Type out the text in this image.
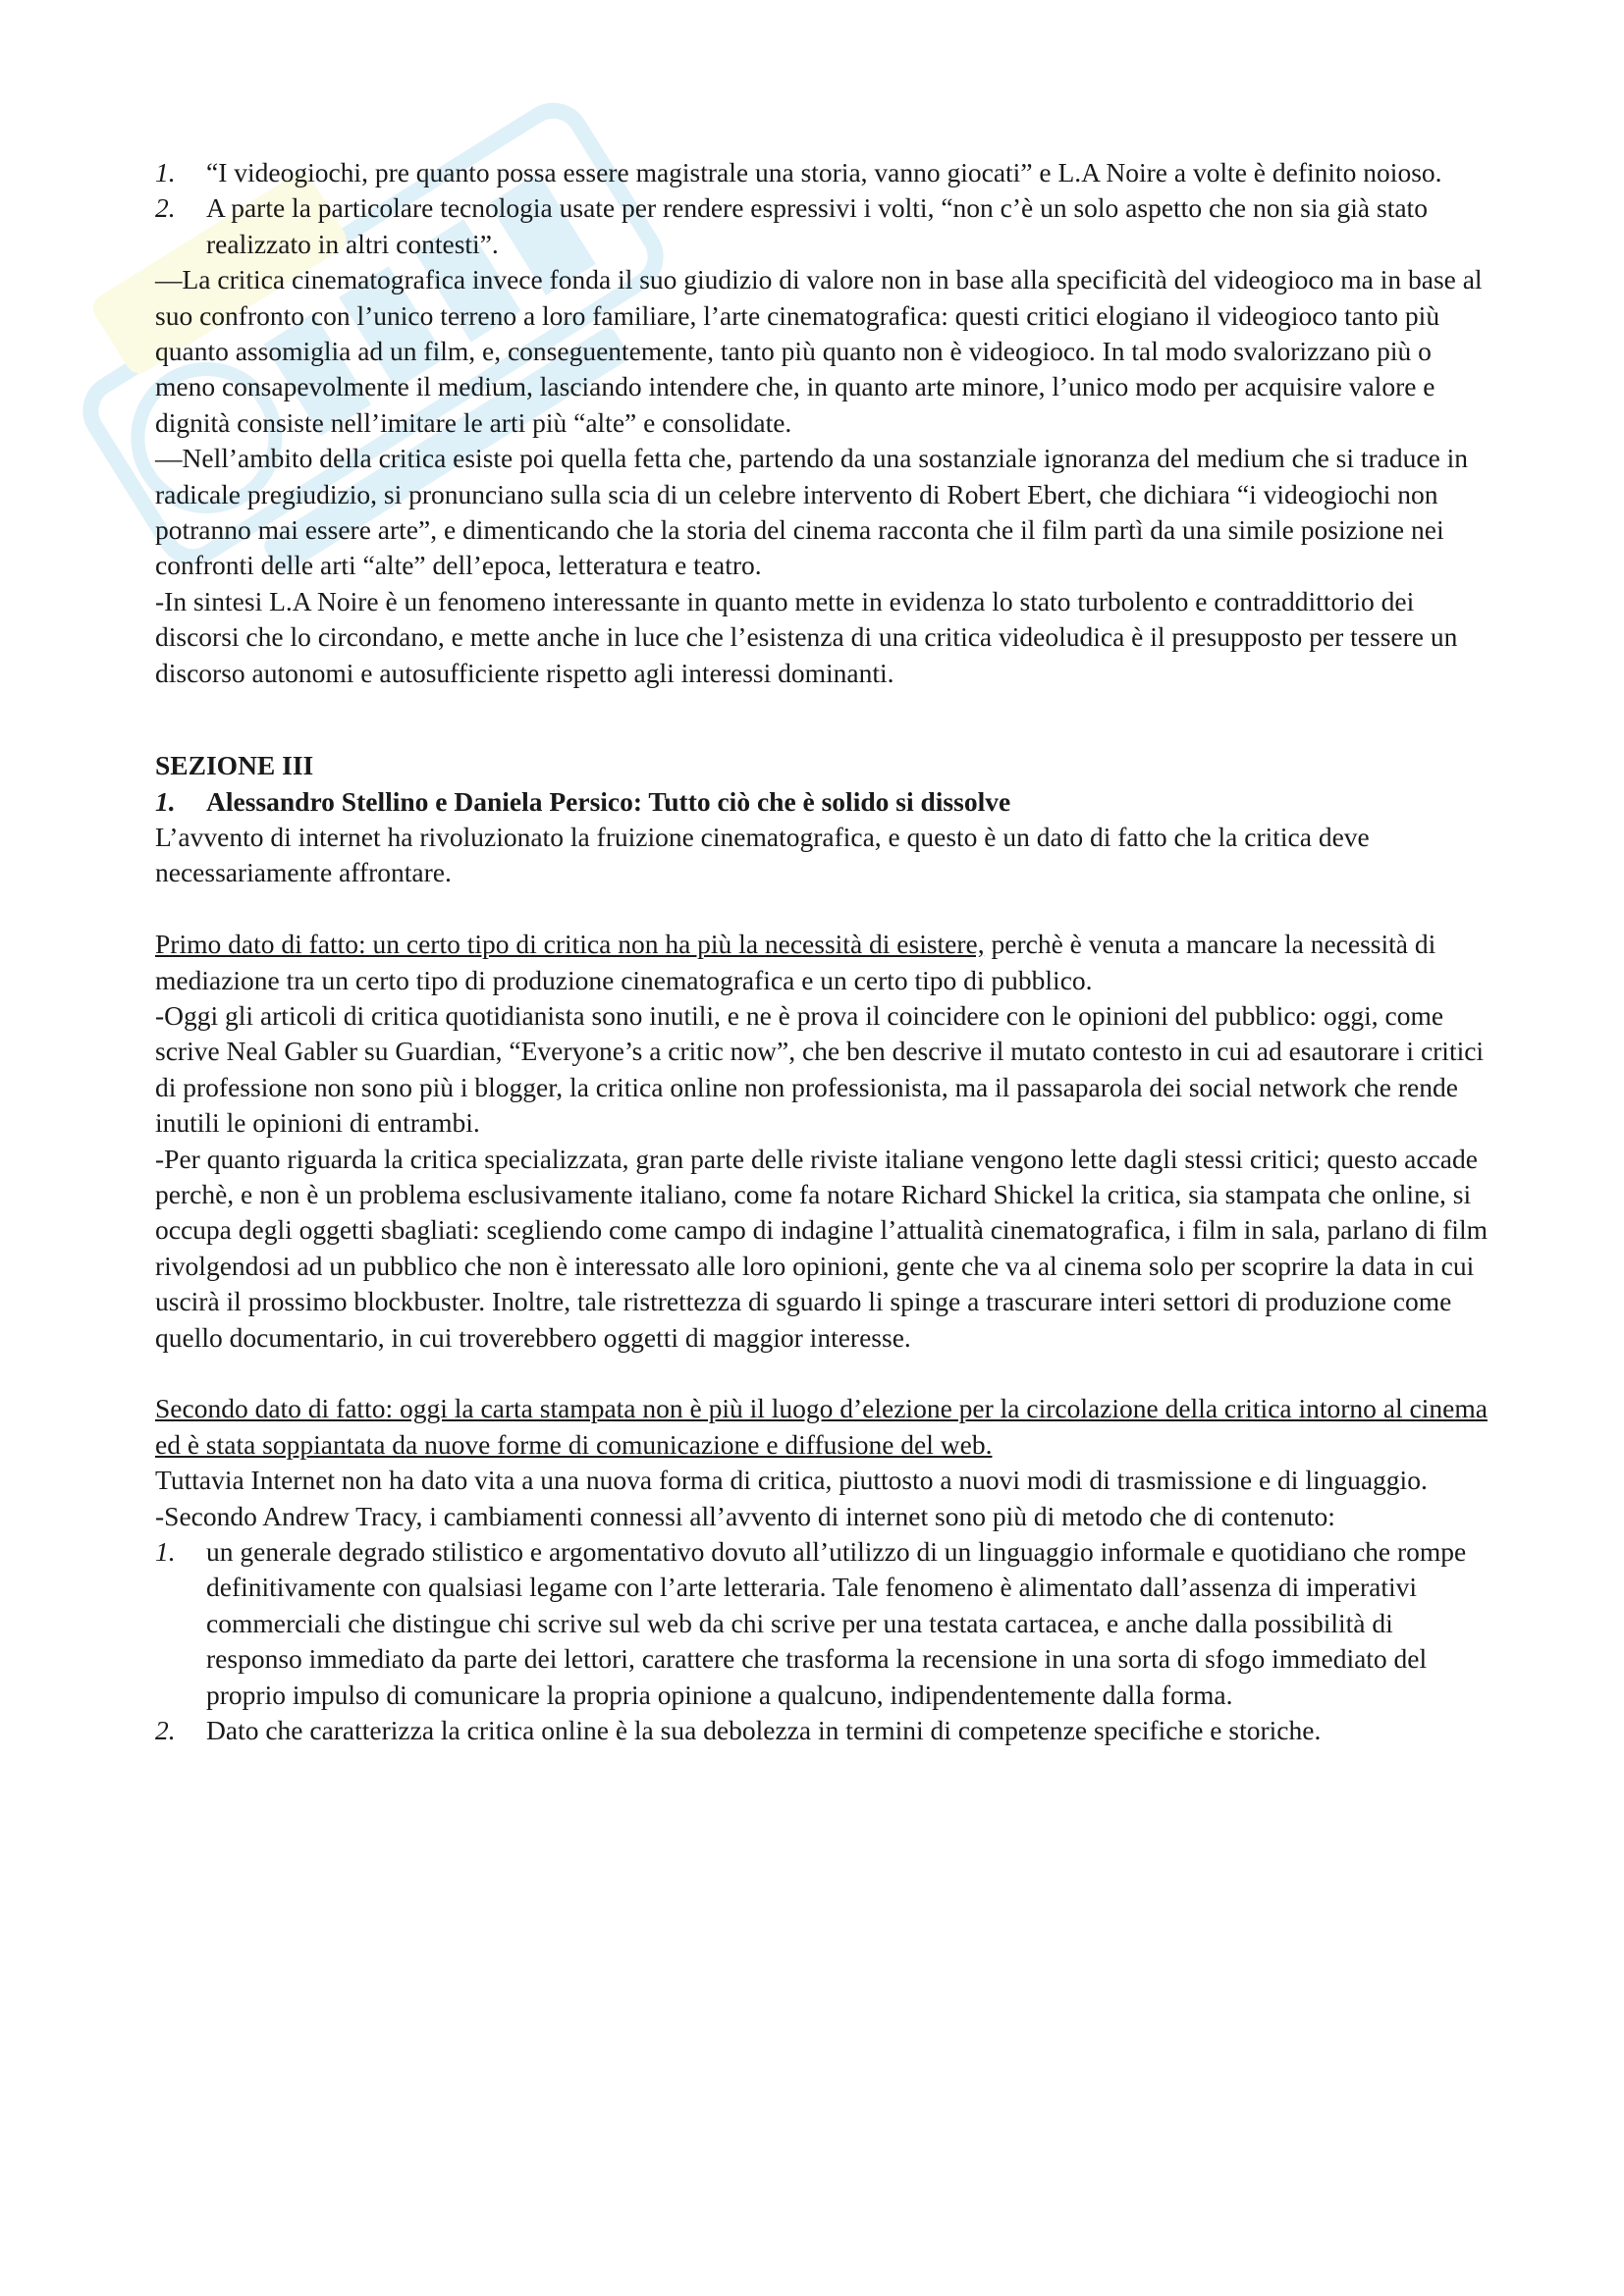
1.	“I videogiochi, pre quanto possa essere magistrale una storia, vanno giocati” e L.A Noire a volte è definito noioso.
2.	A parte la particolare tecnologia usate per rendere espressivi i volti, “non c’è un solo aspetto che non sia già stato realizzato in altri contesti”.

—La critica cinematografica invece fonda il suo giudizio di valore non in base alla specificità del videogioco ma in base al suo confronto con l’unico terreno a loro familiare, l’arte cinematografica: questi critici elogiano il videogioco tanto più quanto assomiglia ad un film, e, conseguentemente, tanto più quanto non è videogioco. In tal modo svalorizzano più o meno consapevolmente il medium, lasciando intendere che, in quanto arte minore, l’unico modo per acquisire valore e dignità consiste nell’imitare le arti più “alte” e consolidate.

—Nell’ambito della critica esiste poi quella fetta che, partendo da una sostanziale ignoranza del medium che si traduce in radicale pregiudizio, si pronunciano sulla scia di un celebre intervento di Robert Ebert, che dichiara “i videogiochi non potranno mai essere arte”, e dimenticando che la storia del cinema racconta che il film partì da una simile posizione nei confronti delle arti “alte” dell’epoca, letteratura e teatro.

-In sintesi L.A Noire è un fenomeno interessante in quanto mette in evidenza lo stato turbolento e contraddittorio dei discorsi che lo circondano, e mette anche in luce che l’esistenza di una critica videoludica è il presupposto per tessere un discorso autonomi e autosufficiente rispetto agli interessi dominanti.

SEZIONE III

1.	Alessandro Stellino e Daniela Persico: Tutto ciò che è solido si dissolve

L’avvento di internet ha rivoluzionato la fruizione cinematografica, e questo è un dato di fatto che la critica deve necessariamente affrontare.

Primo dato di fatto: un certo tipo di critica non ha più la necessità di esistere, perchè è venuta a mancare la necessità di mediazione tra un certo tipo di produzione cinematografica e un certo tipo di pubblico.

-Oggi gli articoli di critica quotidianista sono inutili, e ne è prova il coincidere con le opinioni del pubblico: oggi, come scrive Neal Gabler su Guardian, “Everyone’s a critic now”, che ben descrive il mutato contesto in cui ad esautorare i critici di professione non sono più i blogger, la critica online non professionista, ma il passaparola dei social network che rende inutili le opinioni di entrambi.

-Per quanto riguarda la critica specializzata, gran parte delle riviste italiane vengono lette dagli stessi critici; questo accade perchè, e non è un problema esclusivamente italiano, come fa notare Richard Shickel la critica, sia stampata che online, si occupa degli oggetti sbagliati: scegliendo come campo di indagine l’attualità cinematografica, i film in sala, parlano di film rivolgendosi ad un pubblico che non è interessato alle loro opinioni, gente che va al cinema solo per scoprire la data in cui uscirà il prossimo blockbuster. Inoltre, tale ristrettezza di sguardo li spinge a trascurare interi settori di produzione come quello documentario, in cui troverebbero oggetti di maggior interesse.

Secondo dato di fatto: oggi la carta stampata non è più il luogo d’elezione per la circolazione della critica intorno al cinema ed è stata soppiantata da nuove forme di comunicazione e diffusione del web.

Tuttavia Internet non ha dato vita a una nuova forma di critica, piuttosto a nuovi modi di trasmissione e di linguaggio.

-Secondo Andrew Tracy, i cambiamenti connessi all’avvento di internet sono più di metodo che di contenuto:

1.	un generale degrado stilistico e argomentativo dovuto all’utilizzo di un linguaggio informale e quotidiano che rompe definitivamente con qualsiasi legame con l’arte letteraria. Tale fenomeno è alimentato dall’assenza di imperativi commerciali che distingue chi scrive sul web da chi scrive per una testata cartacea, e anche dalla possibilità di responso immediato da parte dei lettori, carattere che trasforma la recensione in una sorta di sfogo immediato del proprio impulso di comunicare la propria opinione a qualcuno, indipendentemente dalla forma.
2.	Dato che caratterizza la critica online è la sua debolezza in termini di competenze specifiche e storiche.
